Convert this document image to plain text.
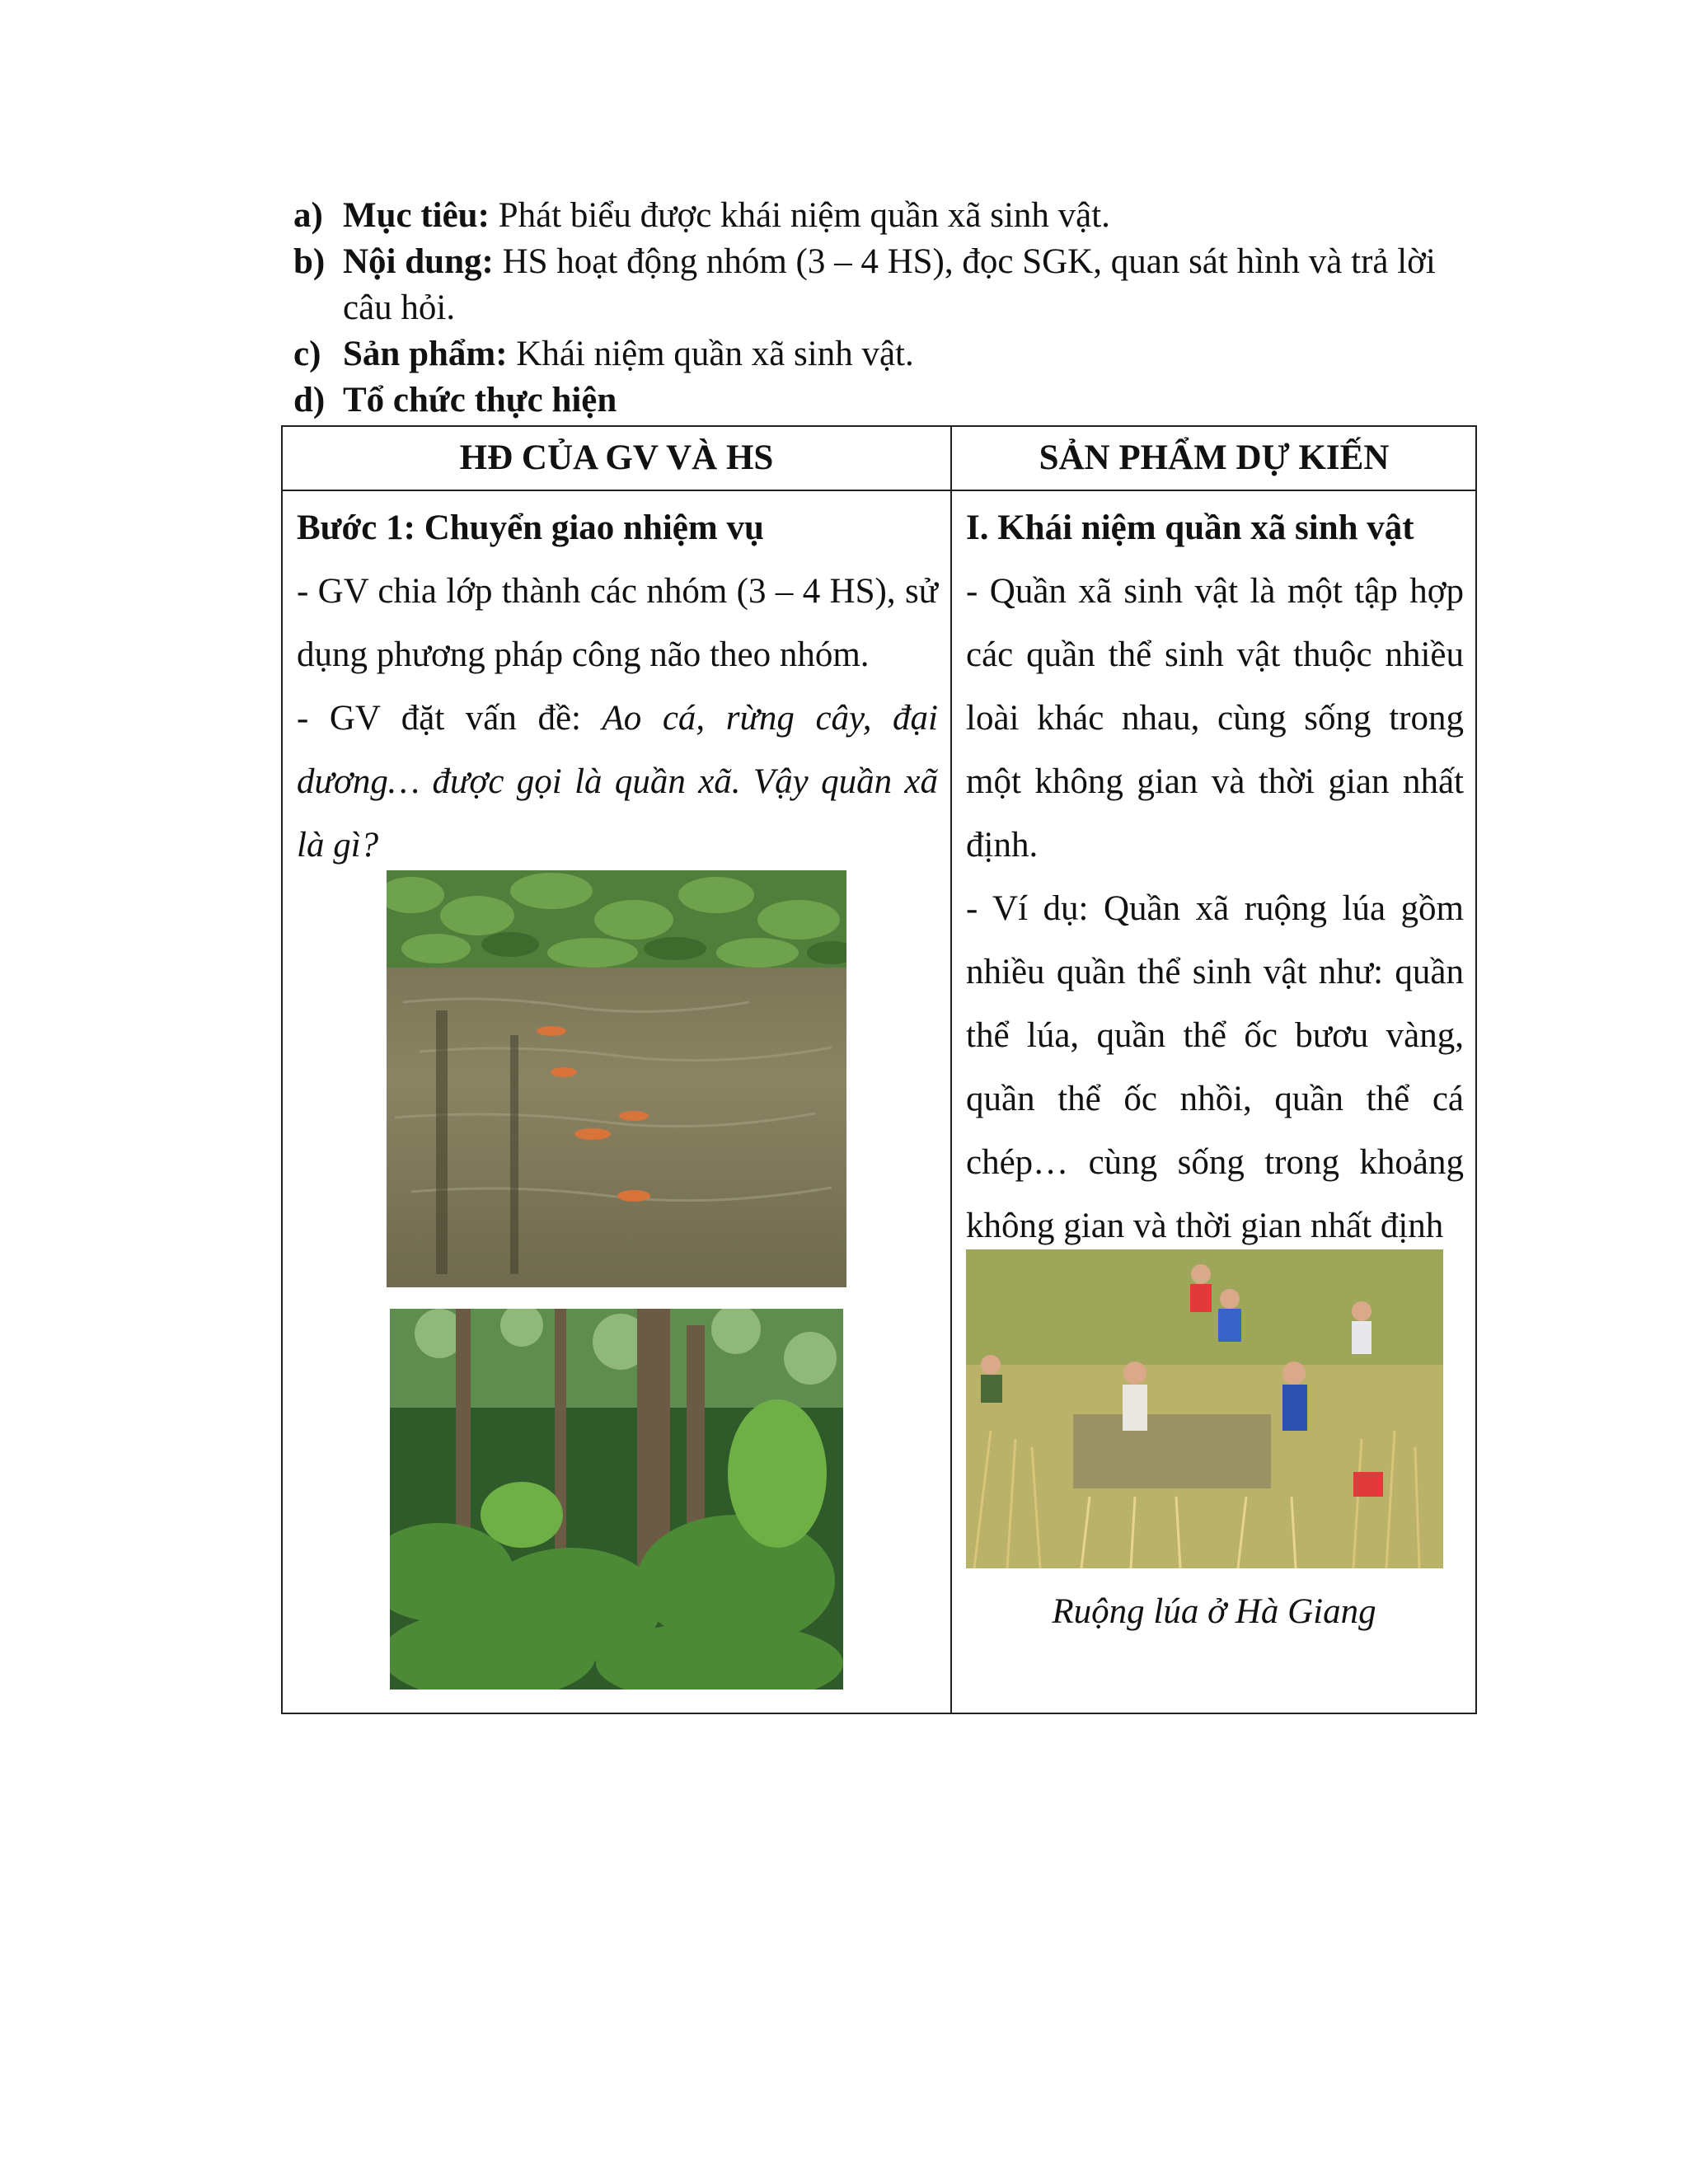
a) Mục tiêu: Phát biểu được khái niệm quần xã sinh vật.
b) Nội dung: HS hoạt động nhóm (3 – 4 HS), đọc SGK, quan sát hình và trả lời câu hỏi.
c) Sản phẩm: Khái niệm quần xã sinh vật.
d) Tổ chức thực hiện
HĐ CỦA GV VÀ HS	SẢN PHẨM DỰ KIẾN

Bước 1: Chuyển giao nhiệm vụ

- GV chia lớp thành các nhóm (3 – 4 HS), sử dụng phương pháp công não theo nhóm.

- GV đặt vấn đề: Ao cá, rừng cây, đại dương… được gọi là quần xã. Vậy quần xã là gì?

I. Khái niệm quần xã sinh vật

- Quần xã sinh vật là một tập hợp các quần thể sinh vật thuộc nhiều loài khác nhau, cùng sống trong một không gian và thời gian nhất định.

- Ví dụ: Quần xã ruộng lúa gồm nhiều quần thể sinh vật như: quần thể lúa, quần thể ốc bươu vàng, quần thể ốc nhồi, quần thể cá chép… cùng sống trong khoảng không gian và thời gian nhất định

Ruộng lúa ở Hà Giang
